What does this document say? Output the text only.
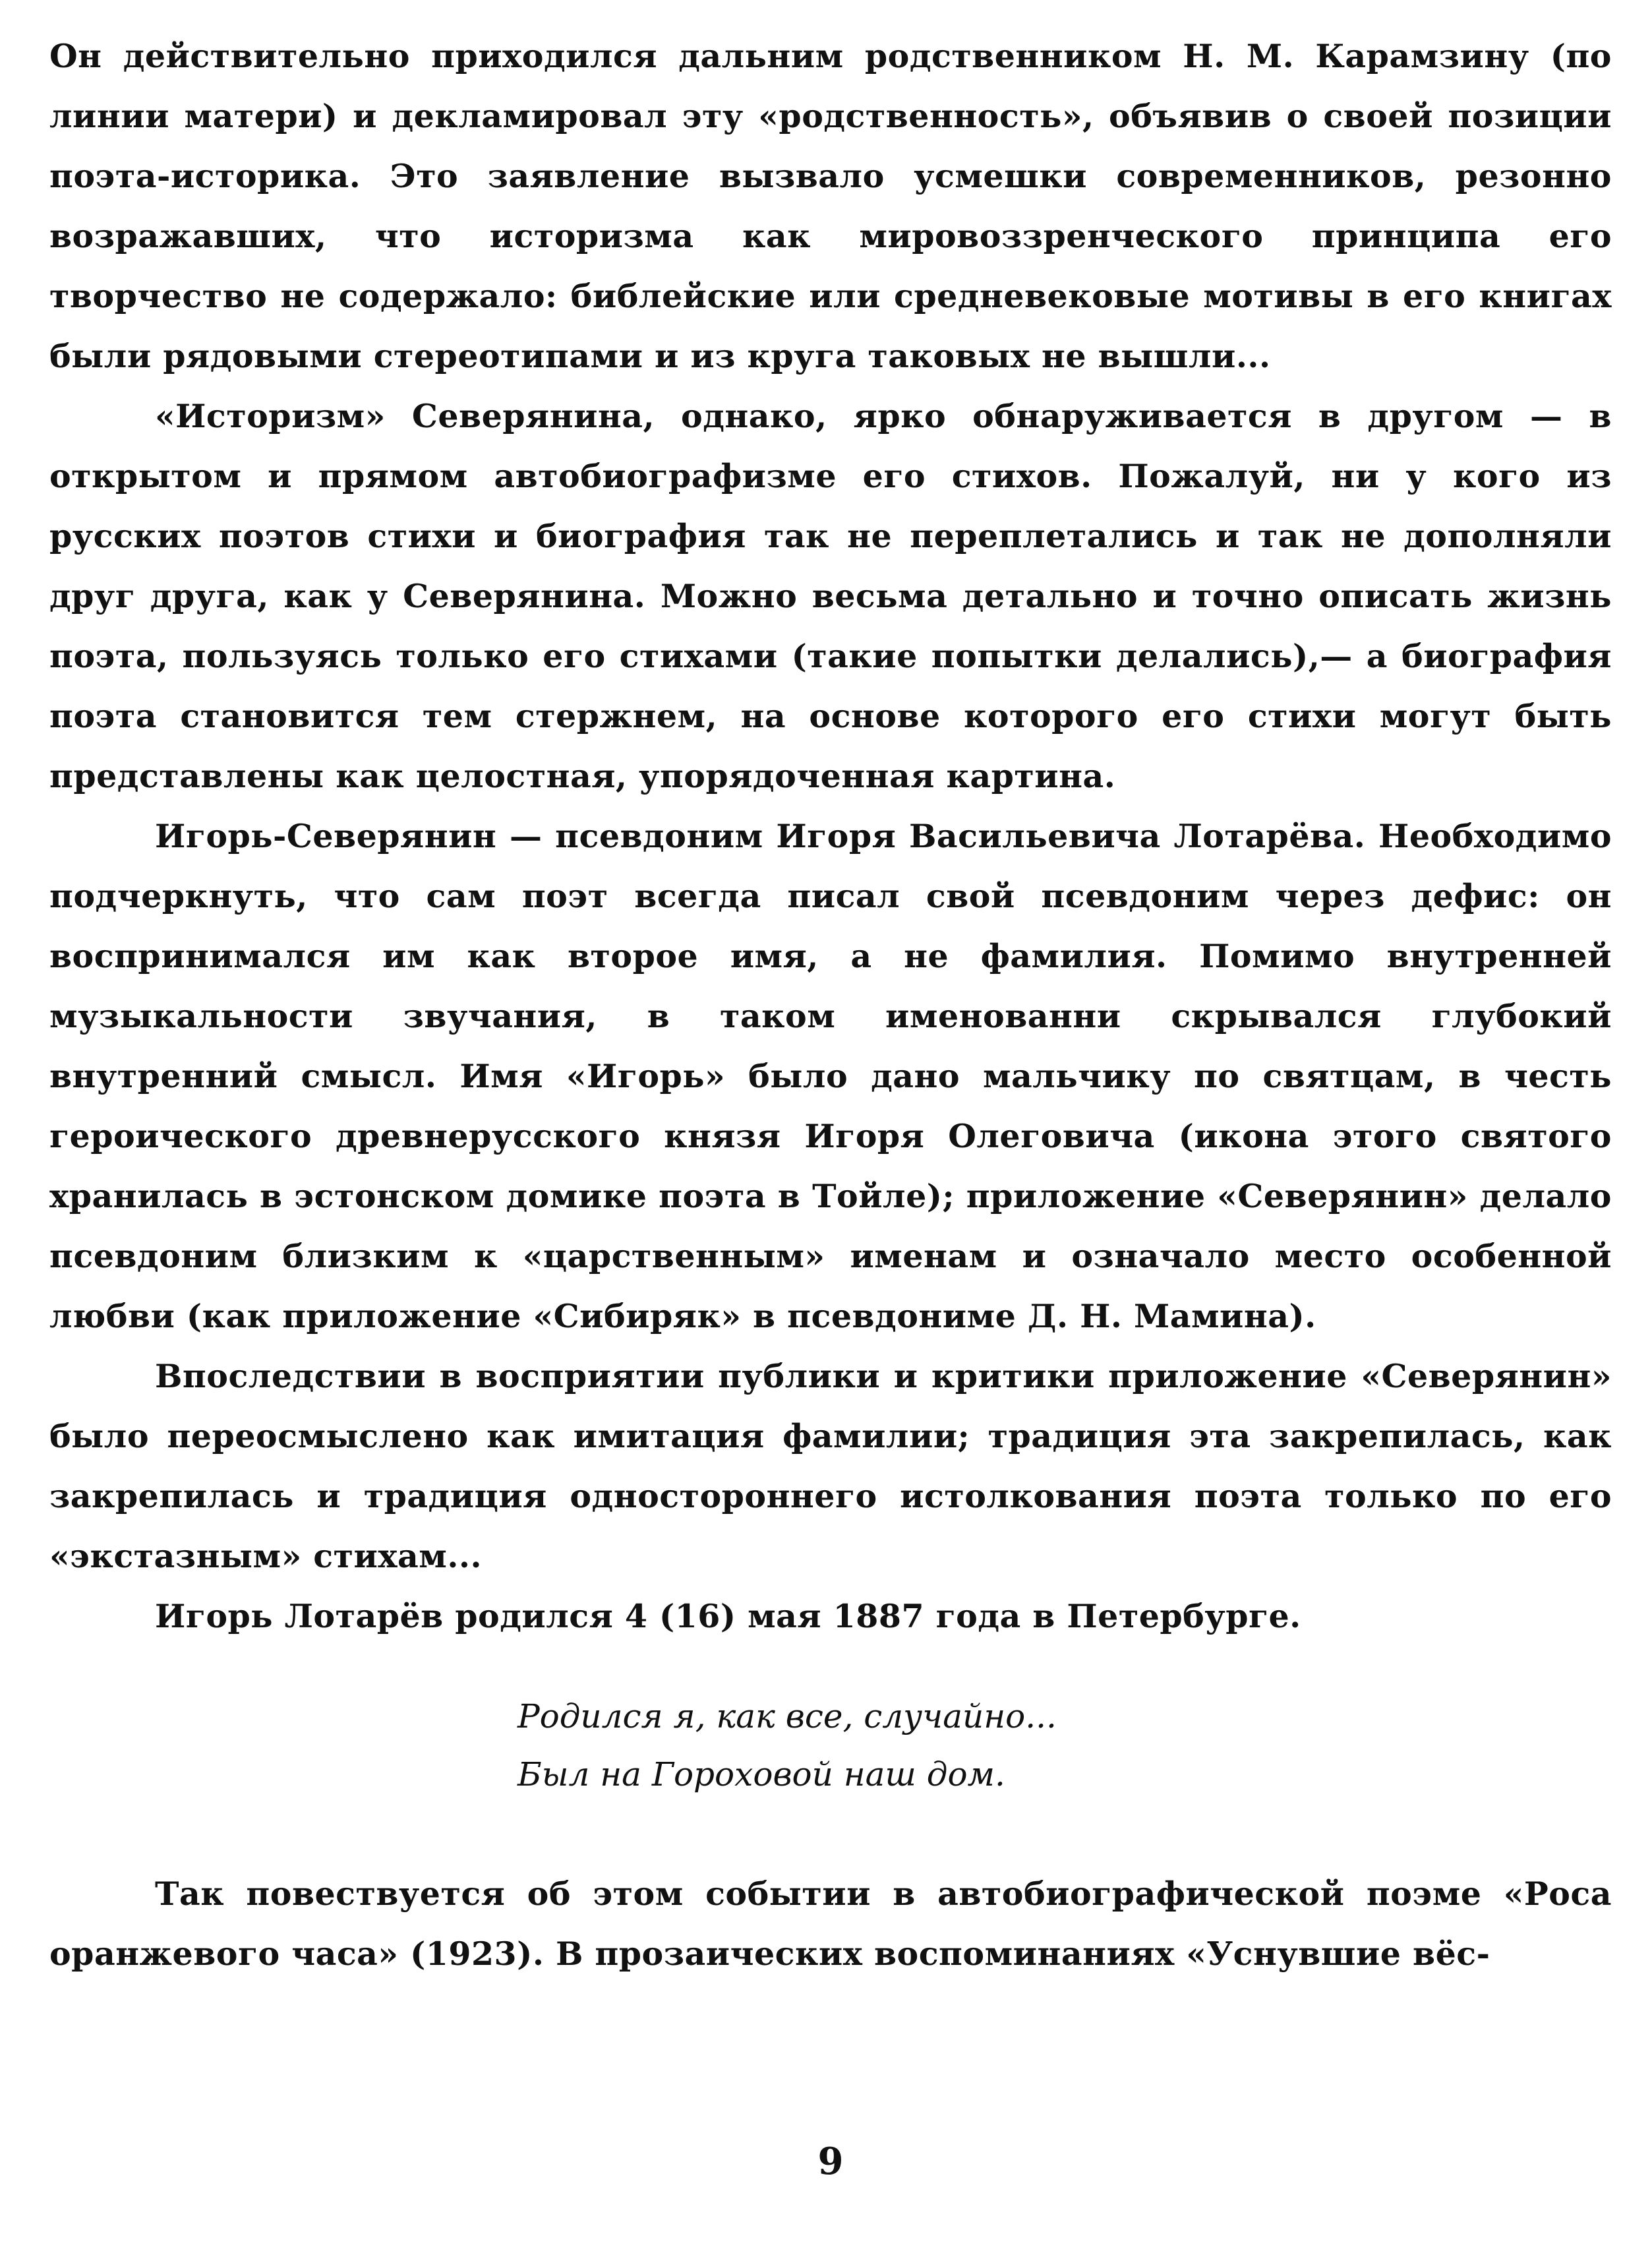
Он действительно приходился дальним родственником Н. М. Карамзину (по линии матери) и декламировал эту «родственность», объявив о своей позиции поэта-историка. Это заявление вызвало усмешки современников, резонно возражавших, что историзма как мировоззренческого принципа его творчество не содержало: библейские или средневековые мотивы в его книгах были рядовыми стереотипами и из круга таковых не вышли...

«Историзм» Северянина, однако, ярко обнаруживается в другом — в открытом и прямом автобиографизме его стихов. Пожалуй, ни у кого из русских поэтов стихи и биография так не переплетались и так не дополняли друг друга, как у Северянина. Можно весьма детально и точно описать жизнь поэта, пользуясь только его стихами (такие попытки делались),— а биография поэта становится тем стержнем, на основе которого его стихи могут быть представлены как целостная, упорядоченная картина.

Игорь-Северянин — псевдоним Игоря Васильевича Лотарёва. Необходимо подчеркнуть, что сам поэт всегда писал свой псевдоним через дефис: он воспринимался им как второе имя, а не фамилия. Помимо внутренней музыкальности звучания, в таком именованни скрывался глубокий внутренний смысл. Имя «Игорь» было дано мальчику по святцам, в честь героического древнерусского князя Игоря Олеговича (икона этого святого хранилась в эстонском домике поэта в Тойле); приложение «Северянин» делало псевдоним близким к «царственным» именам и означало место особенной любви (как приложение «Сибиряк» в псевдониме Д. Н. Мамина).

Впоследствии в восприятии публики и критики приложение «Северянин» было переосмыслено как имитация фамилии; традиция эта закрепилась, как закрепилась и традиция одностороннего истолкования поэта только по его «экстазным» стихам...

Игорь Лотарёв родился 4 (16) мая 1887 года в Петербурге.

Родился я, как все, случайно...
Был на Гороховой наш дом.

Так повествуется об этом событии в автобиографической поэме «Роса оранжевого часа» (1923). В прозаических воспоминаниях «Уснувшие вёс-

9
